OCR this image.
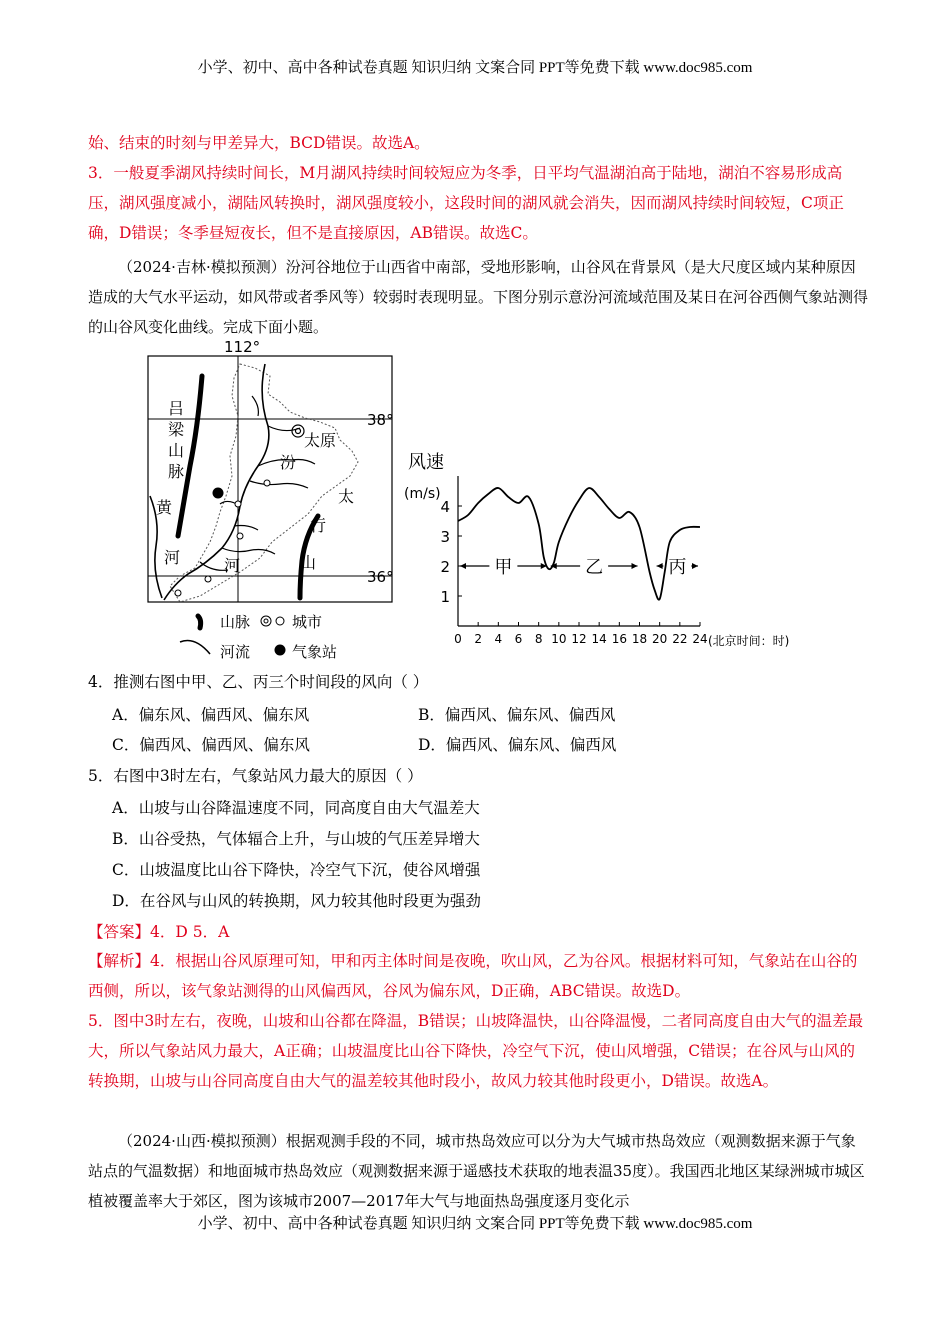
小学、初中、高中各种试卷真题 知识归纳 文案合同 PPT等免费下载 www.doc985.com

始、结束的时刻与甲差异大，BCD错误。故选A。

3．一般夏季湖风持续时间长，M月湖风持续时间较短应为冬季，日平均气温湖泊高于陆地，湖泊不容易形成高压，湖风强度减小，湖陆风转换时，湖风强度较小，这段时间的湖风就会消失，因而湖风持续时间较短，C项正确，D错误；冬季昼短夜长，但不是直接原因，AB错误。故选C。

（2024·吉林·模拟预测）汾河谷地位于山西省中南部，受地形影响，山谷风在背景风（是大尺度区域内某种原因造成的大气水平运动，如风带或者季风等）较弱时表现明显。下图分别示意汾河流域范围及某日在河谷西侧气象站测得的山谷风变化曲线。完成下面小题。

112°
38°
36°
吕
梁
山
脉
太原
汾
太
行
山
河
黄
河
山脉	城市
河流	气象站
风速
(m/s)
0 2 4 6 8 10 12 14 16 18 20 22 24
1
2
3
4
甲	乙	丙
(北京时间：时)
4．推测右图中甲、乙、丙三个时间段的风向（ ）
A．偏东风、偏西风、偏东风	B．偏西风、偏东风、偏西风
C．偏西风、偏西风、偏东风	D．偏西风、偏东风、偏西风
5．右图中3时左右，气象站风力最大的原因（ ）
A．山坡与山谷降温速度不同，同高度自由大气温差大
B．山谷受热，气体辐合上升，与山坡的气压差异增大
C．山坡温度比山谷下降快，冷空气下沉，使谷风增强
D．在谷风与山风的转换期，风力较其他时段更为强劲
【答案】4．D 5．A

【解析】4．根据山谷风原理可知，甲和丙主体时间是夜晚，吹山风，乙为谷风。根据材料可知，气象站在山谷的西侧，所以，该气象站测得的山风偏西风，谷风为偏东风，D正确，ABC错误。故选D。

5．图中3时左右，夜晚，山坡和山谷都在降温，B错误；山坡降温快，山谷降温慢，二者同高度自由大气的温差最大，所以气象站风力最大，A正确；山坡温度比山谷下降快，冷空气下沉，使山风增强，C错误；在谷风与山风的转换期，山坡与山谷同高度自由大气的温差较其他时段小，故风力较其他时段更小，D错误。故选A。

（2024·山西·模拟预测）根据观测手段的不同，城市热岛效应可以分为大气城市热岛效应（观测数据来源于气象站点的气温数据）和地面城市热岛效应（观测数据来源于遥感技术获取的地表温35度）。我国西北地区某绿洲城市城区植被覆盖率大于郊区，图为该城市2007—2017年大气与地面热岛强度逐月变化示

小学、初中、高中各种试卷真题 知识归纳 文案合同 PPT等免费下载 www.doc985.com
